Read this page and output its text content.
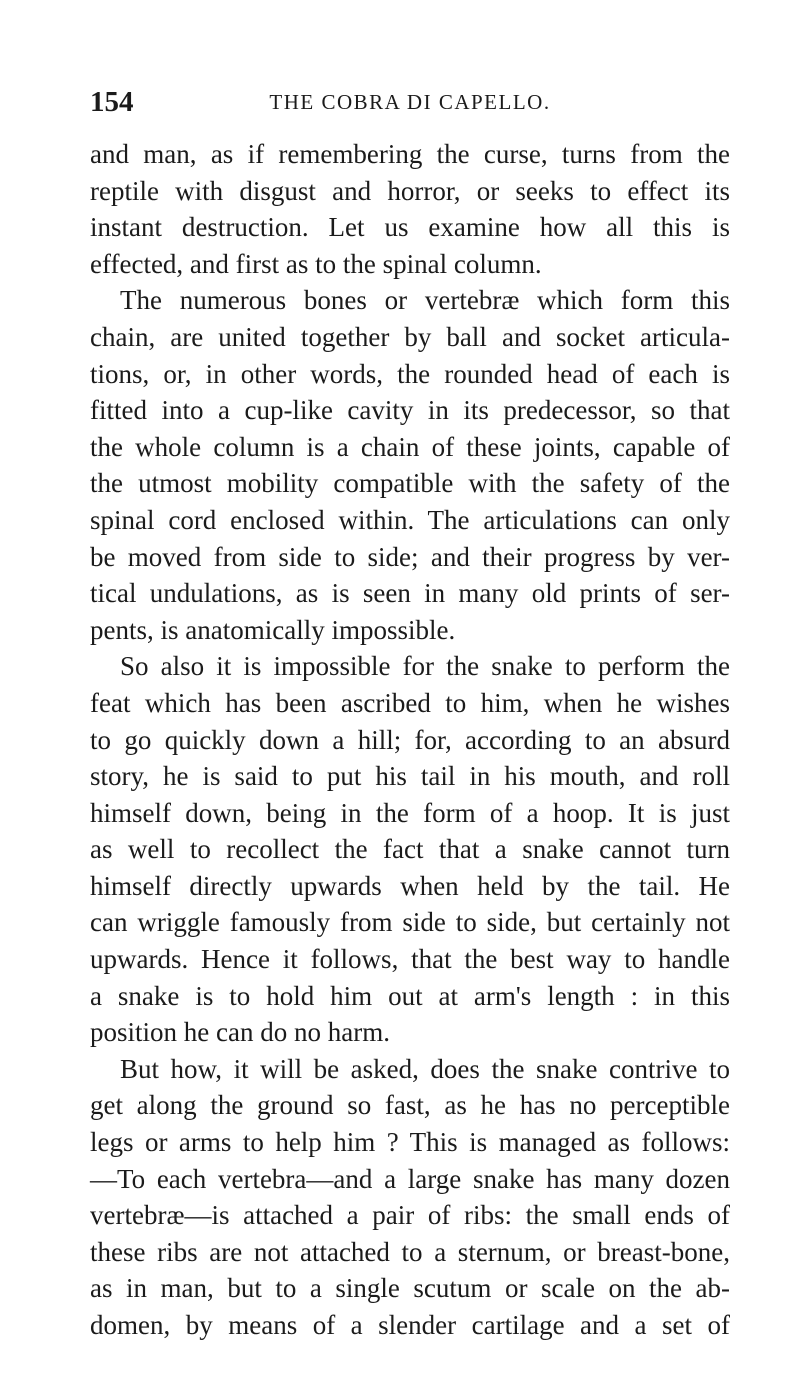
154	THE COBRA DI CAPELLO.
and man, as if remembering the curse, turns from the
reptile with disgust and horror, or seeks to effect its
instant destruction. Let us examine how all this is
effected, and first as to the spinal column.
The numerous bones or vertebræ which form this
chain, are united together by ball and socket articula-
tions, or, in other words, the rounded head of each is
fitted into a cup-like cavity in its predecessor, so that
the whole column is a chain of these joints, capable of
the utmost mobility compatible with the safety of the
spinal cord enclosed within. The articulations can only
be moved from side to side; and their progress by ver-
tical undulations, as is seen in many old prints of ser-
pents, is anatomically impossible.
So also it is impossible for the snake to perform the
feat which has been ascribed to him, when he wishes
to go quickly down a hill; for, according to an absurd
story, he is said to put his tail in his mouth, and roll
himself down, being in the form of a hoop. It is just
as well to recollect the fact that a snake cannot turn
himself directly upwards when held by the tail. He
can wriggle famously from side to side, but certainly not
upwards. Hence it follows, that the best way to handle
a snake is to hold him out at arm's length : in this
position he can do no harm.
But how, it will be asked, does the snake contrive to
get along the ground so fast, as he has no perceptible
legs or arms to help him ? This is managed as follows:
—To each vertebra—and a large snake has many dozen
vertebræ—is attached a pair of ribs: the small ends of
these ribs are not attached to a sternum, or breast-bone,
as in man, but to a single scutum or scale on the ab-
domen, by means of a slender cartilage and a set of
